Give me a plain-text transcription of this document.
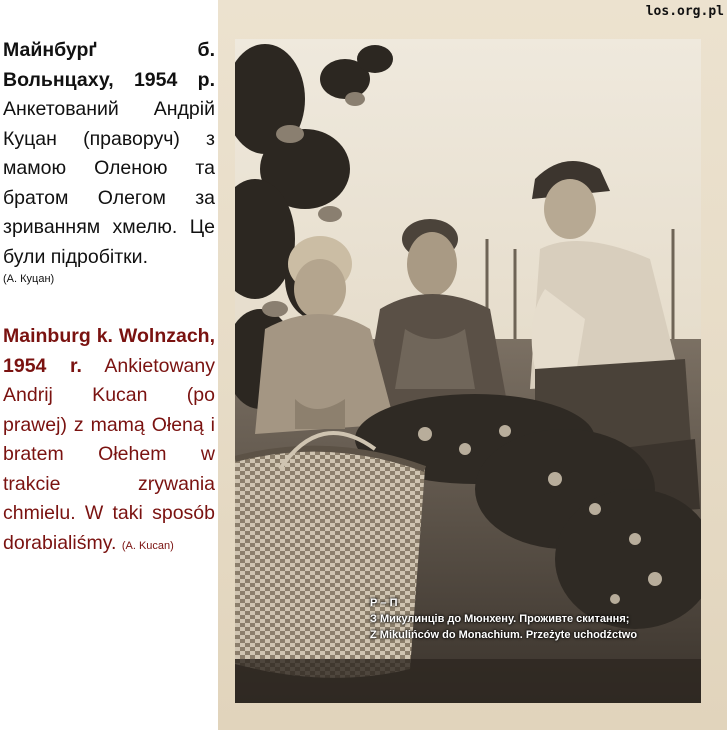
Майнбурґ б. Вольнцаху, 1954 р. Анкетований Андрій Куцан (праворуч) з мамою Оленою та братом Олегом за зриванням хмелю. Це були підробітки.
(А. Куцан)
Mainburg k. Wolnzach, 1954 r. Ankietowany Andrij Kucan (po prawej) z mamą Ołeną i bratem Ołehem w trakcie zrywania chmielu. W taki sposób dorabialiśmy. (A. Kucan)
los.org.pl
Р – П
З Микулинців до Мюнхену. Проживте скитання;
Z Mikulińców do Monachium. Przeżyte uchodźctwo
